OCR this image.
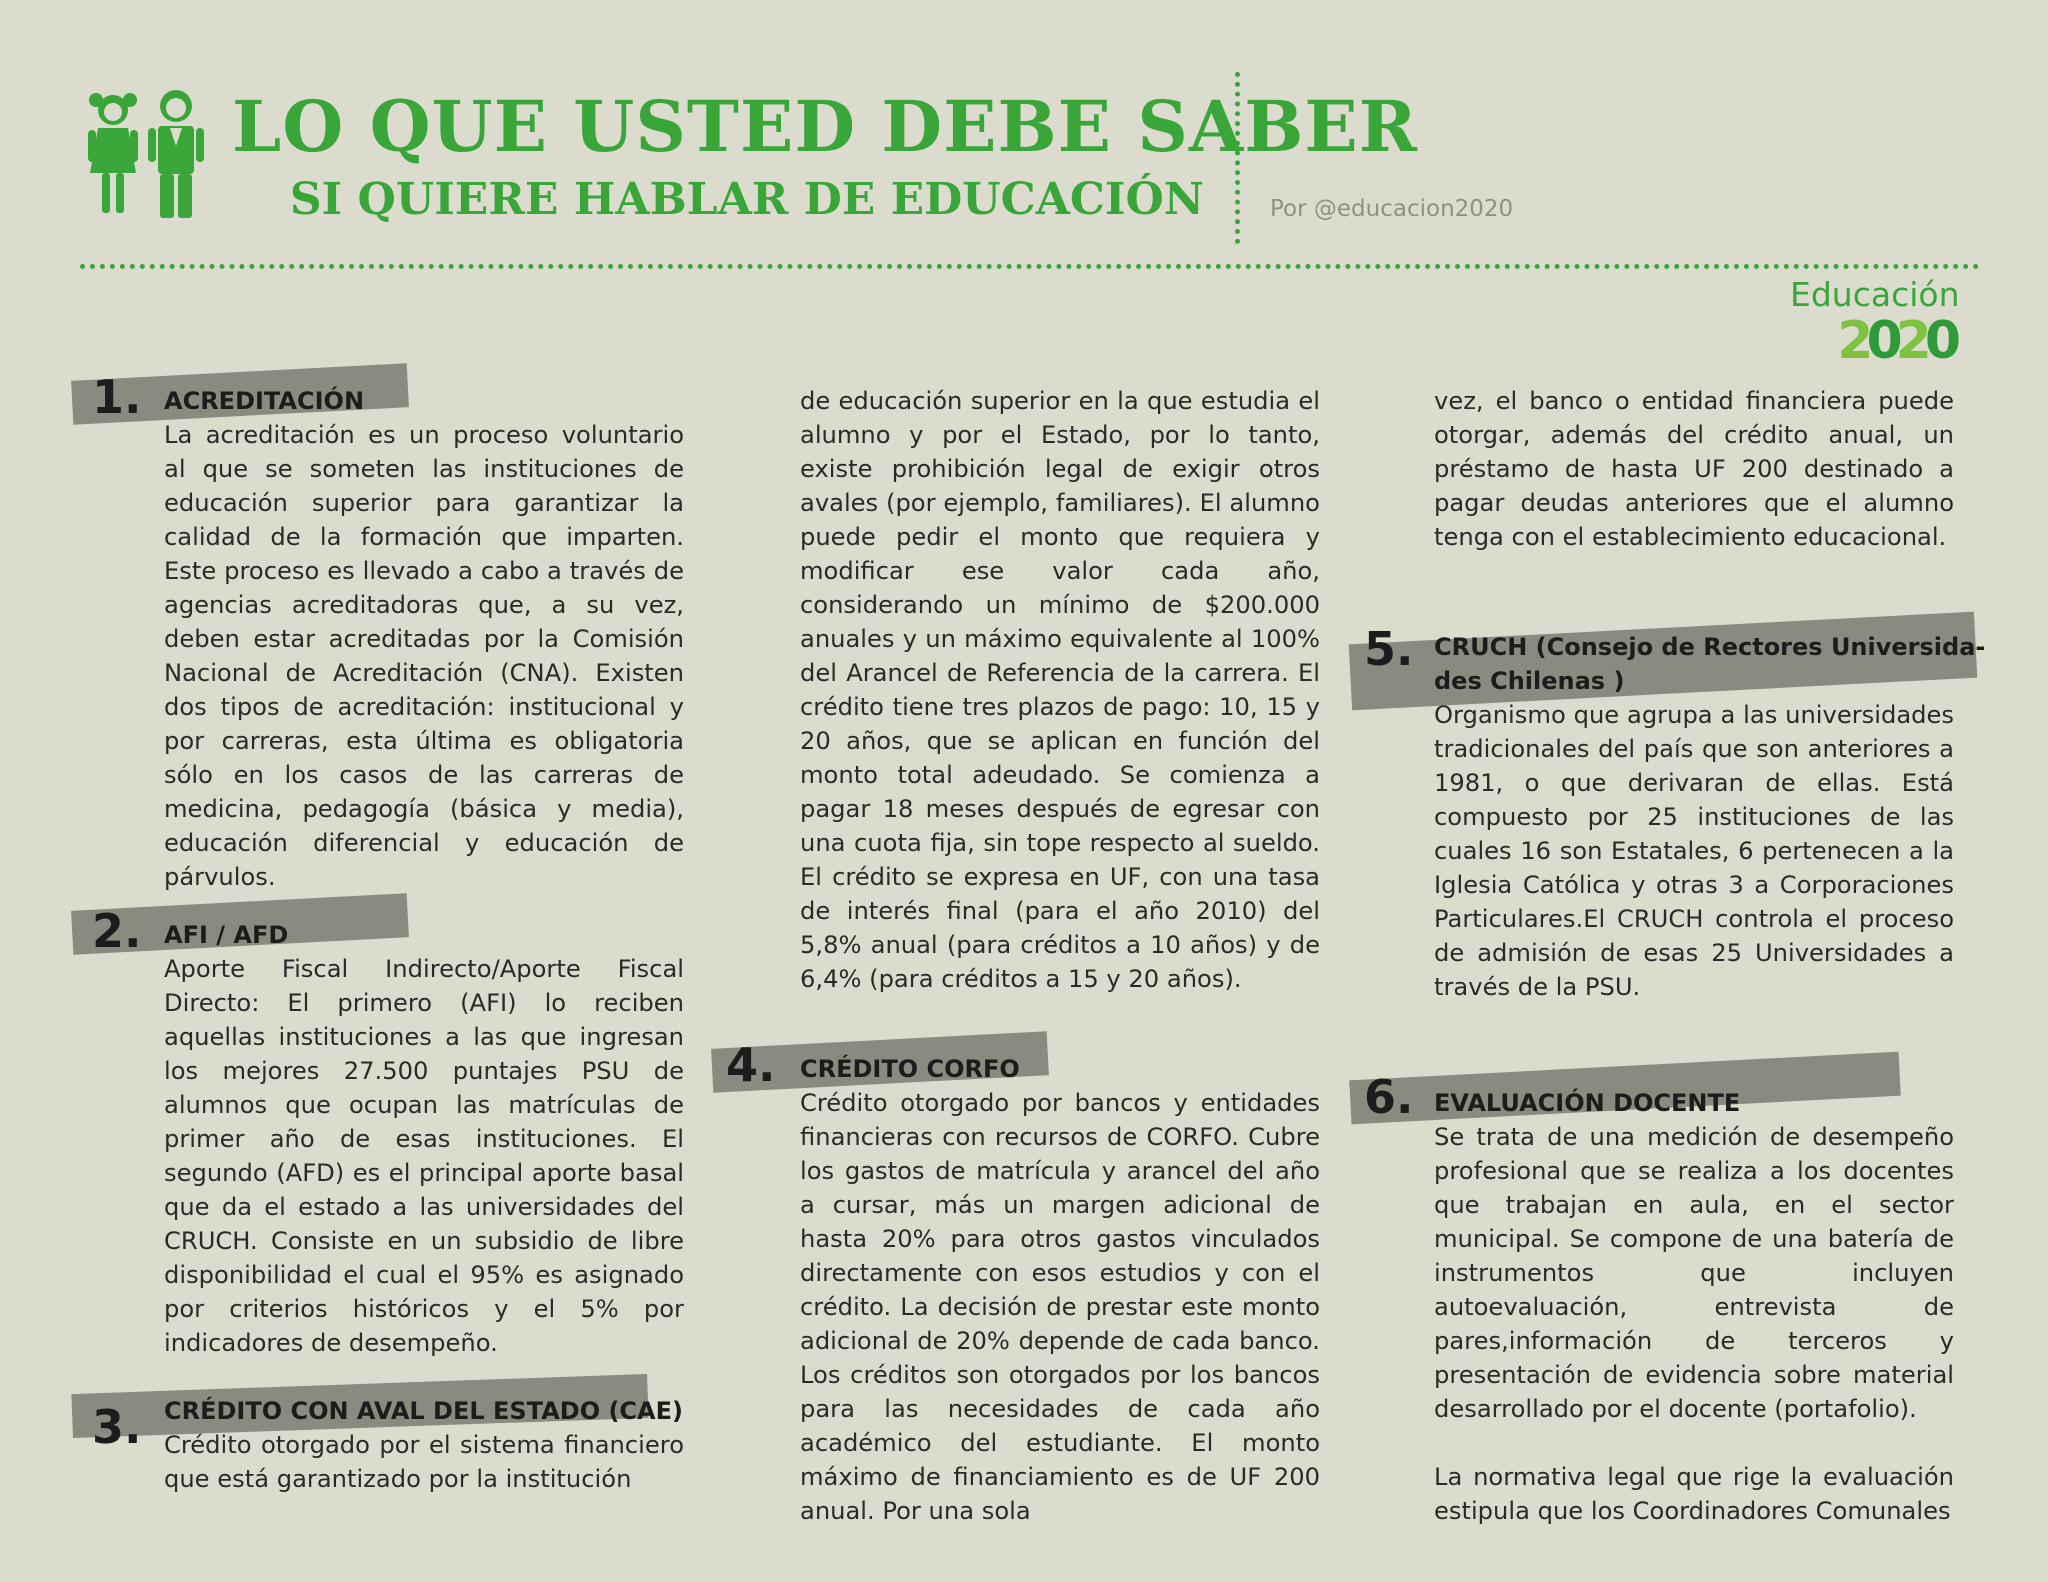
LO QUE USTED DEBE SABER
SI QUIERE HABLAR DE EDUCACIÓN	Por @educacion2020
Educación
2020
1. ACREDITACIÓN
La acreditación es un proceso voluntario al que se someten las instituciones de educación superior para garantizar la calidad de la formación que imparten. Este proceso es llevado a cabo a través de agencias acreditadoras que, a su vez, deben estar acreditadas por la Comisión Nacional de Acreditación (CNA). Existen dos tipos de acreditación: institucional y por carreras, esta última es obligatoria sólo en los casos de las carreras de medicina, pedagogía (básica y media), educación diferencial y educación de párvulos.
2. AFI / AFD
Aporte Fiscal Indirecto/Aporte Fiscal Directo: El primero (AFI) lo reciben aquellas instituciones a las que ingresan los mejores 27.500 puntajes PSU de alumnos que ocupan las matrículas de primer año de esas instituciones. El segundo (AFD) es el principal aporte basal que da el estado a las universidades del CRUCH. Consiste en un subsidio de libre disponibilidad el cual el 95% es asignado por criterios históricos y el 5% por indicadores de desempeño.
3. CRÉDITO CON AVAL DEL ESTADO (CAE)
Crédito otorgado por el sistema financiero que está garantizado por la institución
de educación superior en la que estudia el alumno y por el Estado, por lo tanto, existe prohibición legal de exigir otros avales (por ejemplo, familiares). El alumno puede pedir el monto que requiera y modificar ese valor cada año, considerando un mínimo de $200.000 anuales y un máximo equivalente al 100% del Arancel de Referencia de la carrera. El crédito tiene tres plazos de pago: 10, 15 y 20 años, que se aplican en función del monto total adeudado. Se comienza a pagar 18 meses después de egresar con una cuota fija, sin tope respecto al sueldo. El crédito se expresa en UF, con una tasa de interés final (para el año 2010) del 5,8% anual (para créditos a 10 años) y de 6,4% (para créditos a 15 y 20 años).
4. CRÉDITO CORFO
Crédito otorgado por bancos y entidades financieras con recursos de CORFO. Cubre los gastos de matrícula y arancel del año a cursar, más un margen adicional de hasta 20% para otros gastos vinculados directamente con esos estudios y con el crédito. La decisión de prestar este monto adicional de 20% depende de cada banco. Los créditos son otorgados por los bancos para las necesidades de cada año académico del estudiante. El monto máximo de financiamiento es de UF 200 anual. Por una sola
vez, el banco o entidad financiera puede otorgar, además del crédito anual, un préstamo de hasta UF 200 destinado a pagar deudas anteriores que el alumno tenga con el establecimiento educacional.
5. CRUCH (Consejo de Rectores Universida-
des Chilenas )
Organismo que agrupa a las universidades tradicionales del país que son anteriores a 1981, o que derivaran de ellas. Está compuesto por 25 instituciones de las cuales 16 son Estatales, 6 pertenecen a la Iglesia Católica y otras 3 a Corporaciones Particulares.El CRUCH controla el proceso de admisión de esas 25 Universidades a través de la PSU.
6. EVALUACIÓN DOCENTE

Se trata de una medición de desempeño profesional que se realiza a los docentes que trabajan en aula, en el sector municipal. Se compone de una batería de instrumentos que incluyen autoevaluación, entrevista de pares,información de terceros y presentación de evidencia sobre material desarrollado por el docente (portafolio).

La normativa legal que rige la evaluación estipula que los Coordinadores Comunales
